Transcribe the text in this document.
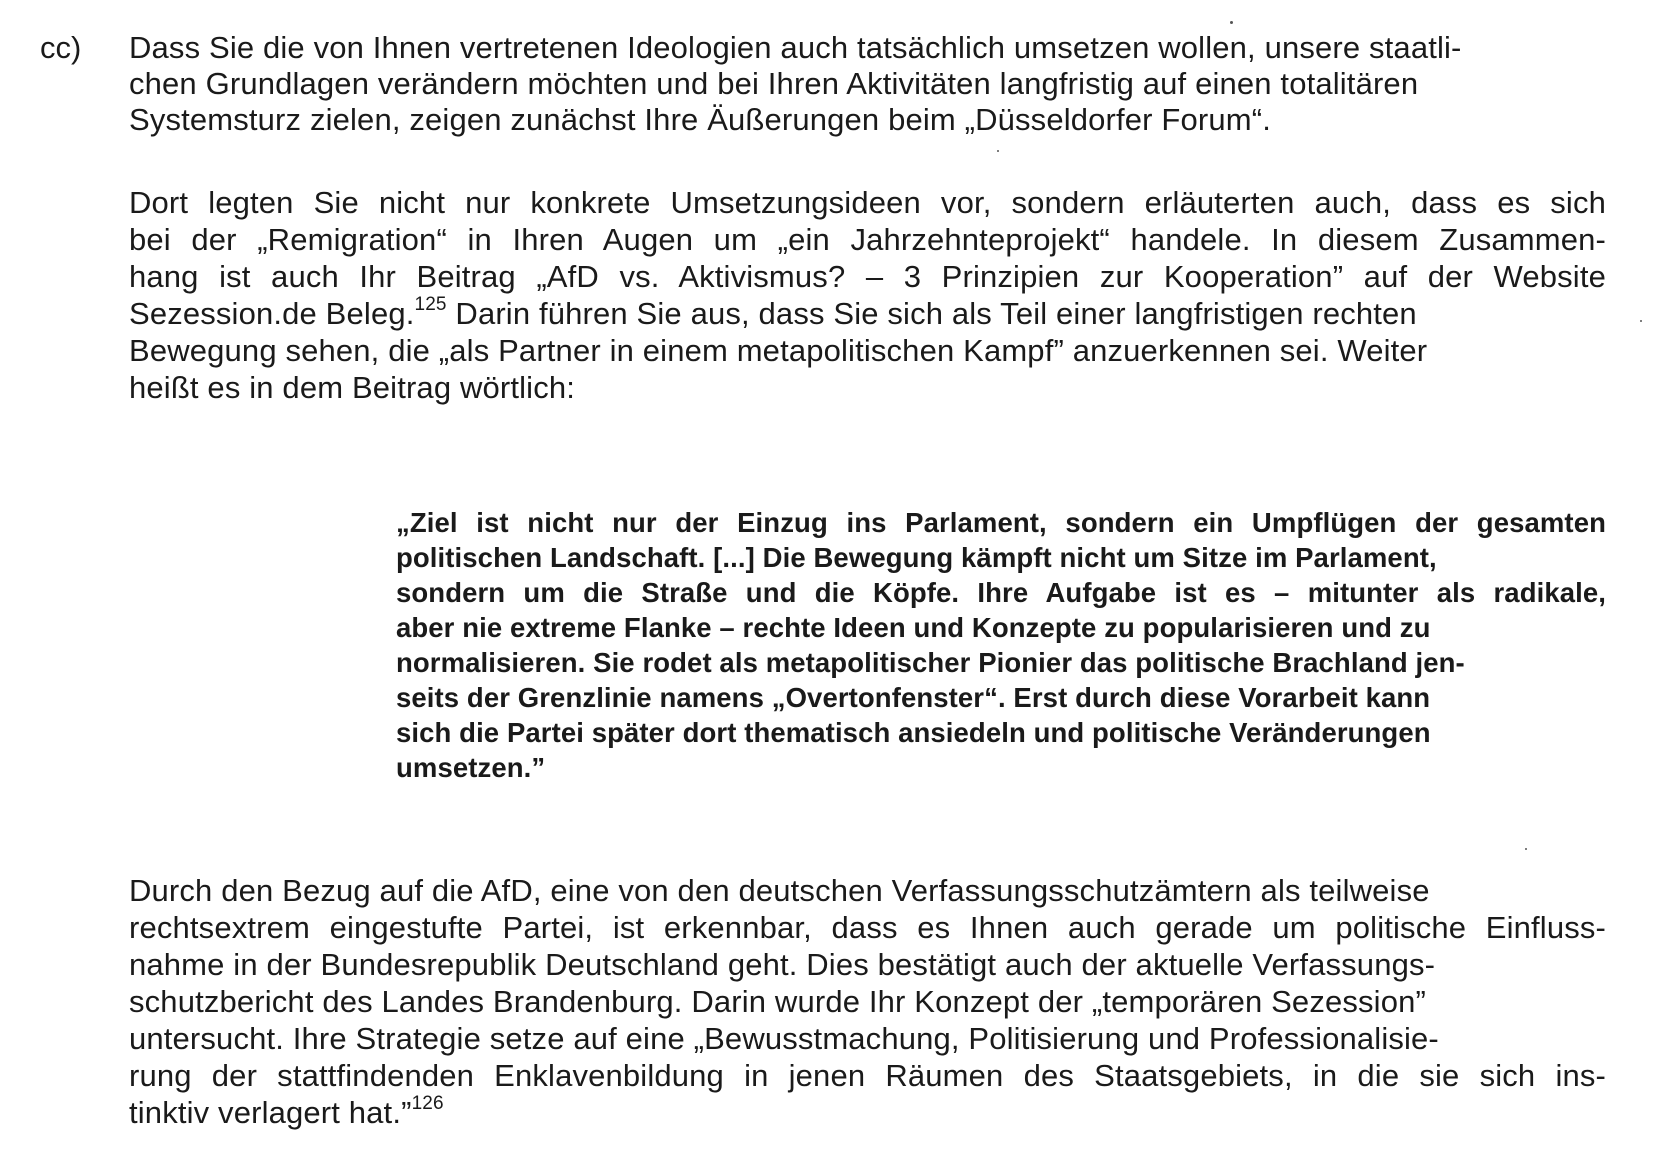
cc) Dass Sie die von Ihnen vertretenen Ideologien auch tatsächlich umsetzen wollen, unsere staatli-
chen Grundlagen verändern möchten und bei Ihren Aktivitäten langfristig auf einen totalitären
Systemsturz zielen, zeigen zunächst Ihre Äußerungen beim „Düsseldorfer Forum“.
Dort legten Sie nicht nur konkrete Umsetzungsideen vor, sondern erläuterten auch, dass es sich
bei der „Remigration“ in Ihren Augen um „ein Jahrzehnteprojekt“ handele. In diesem Zusammen-
hang ist auch Ihr Beitrag „AfD vs. Aktivismus? – 3 Prinzipien zur Kooperation” auf der Website
Sezession.de Beleg.$^{125}$ Darin führen Sie aus, dass Sie sich als Teil einer langfristigen rechten
Bewegung sehen, die „als Partner in einem metapolitischen Kampf” anzuerkennen sei. Weiter
heißt es in dem Beitrag wörtlich:
„Ziel ist nicht nur der Einzug ins Parlament, sondern ein Umpflügen der gesamten
politischen Landschaft. [...] Die Bewegung kämpft nicht um Sitze im Parlament,
sondern um die Straße und die Köpfe. Ihre Aufgabe ist es – mitunter als radikale,
aber nie extreme Flanke – rechte Ideen und Konzepte zu popularisieren und zu
normalisieren. Sie rodet als metapolitischer Pionier das politische Brachland jen-
seits der Grenzlinie namens „Overtonfenster“. Erst durch diese Vorarbeit kann
sich die Partei später dort thematisch ansiedeln und politische Veränderungen
umsetzen.”
Durch den Bezug auf die AfD, eine von den deutschen Verfassungsschutzämtern als teilweise
rechtsextrem eingestufte Partei, ist erkennbar, dass es Ihnen auch gerade um politische Einfluss-
nahme in der Bundesrepublik Deutschland geht. Dies bestätigt auch der aktuelle Verfassungs-
schutzbericht des Landes Brandenburg. Darin wurde Ihr Konzept der „temporären Sezession”
untersucht. Ihre Strategie setze auf eine „Bewusstmachung, Politisierung und Professionalisie-
rung der stattfindenden Enklavenbildung in jenen Räumen des Staatsgebiets, in die sie sich ins-
tinktiv verlagert hat.”$^{126}$
